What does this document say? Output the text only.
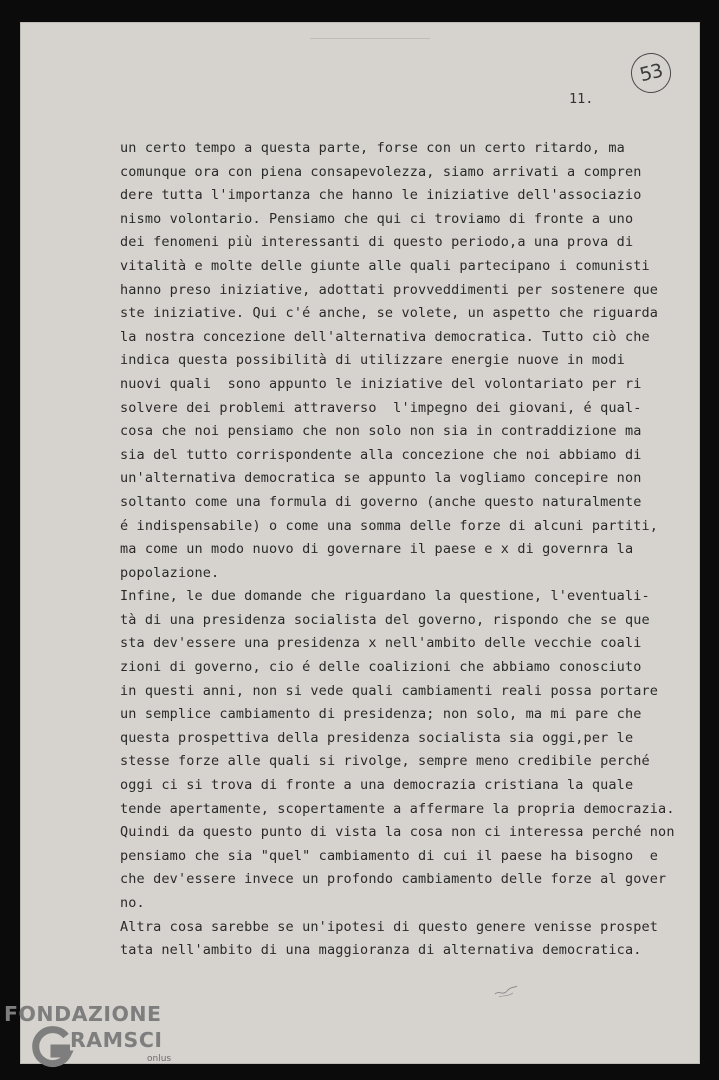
53
11.
un certo tempo a questa parte, forse con un certo ritardo, ma
comunque ora con piena consapevolezza, siamo arrivati a compren
dere tutta l'importanza che hanno le iniziative dell'associazio
nismo volontario. Pensiamo che qui ci troviamo di fronte a uno
dei fenomeni più interessanti di questo periodo,a una prova di
vitalità e molte delle giunte alle quali partecipano i comunisti
hanno preso iniziative, adottati provveddimenti per sostenere que
ste iniziative. Qui c'é anche, se volete, un aspetto che riguarda
la nostra concezione dell'alternativa democratica. Tutto ciò che
indica questa possibilità di utilizzare energie nuove in modi
nuovi quali  sono appunto le iniziative del volontariato per ri
solvere dei problemi attraverso  l'impegno dei giovani, é qual-
cosa che noi pensiamo che non solo non sia in contraddizione ma
sia del tutto corrispondente alla concezione che noi abbiamo di
un'alternativa democratica se appunto la vogliamo concepire non
soltanto come una formula di governo (anche questo naturalmente
é indispensabile) o come una somma delle forze di alcuni partiti,
ma come un modo nuovo di governare il paese e x di governra la
popolazione.
Infine, le due domande che riguardano la questione, l'eventuali-
tà di una presidenza socialista del governo, rispondo che se que
sta dev'essere una presidenza x nell'ambito delle vecchie coali
zioni di governo, cio é delle coalizioni che abbiamo conosciuto
in questi anni, non si vede quali cambiamenti reali possa portare
un semplice cambiamento di presidenza; non solo, ma mi pare che
questa prospettiva della presidenza socialista sia oggi,per le
stesse forze alle quali si rivolge, sempre meno credibile perché
oggi ci si trova di fronte a una democrazia cristiana la quale
tende apertamente, scopertamente a affermare la propria democrazia.
Quindi da questo punto di vista la cosa non ci interessa perché non
pensiamo che sia "quel" cambiamento di cui il paese ha bisogno  e
che dev'essere invece un profondo cambiamento delle forze al gover
no.
Altra cosa sarebbe se un'ipotesi di questo genere venisse prospet
tata nell'ambito di una maggioranza di alternativa democratica.
FONDAZIONE
RAMSCI
onlus
